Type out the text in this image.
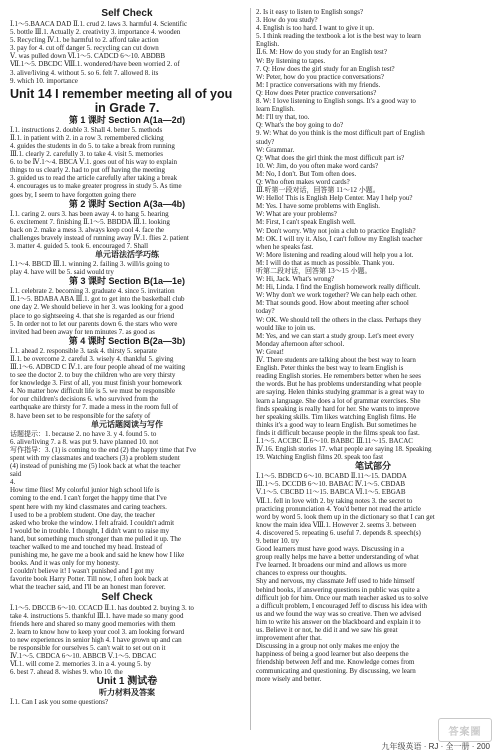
Self Check

Ⅰ.1～5.BAACA DAD Ⅱ.1. crud 2. laws 3. harmful 4. Scientific

5. bottle Ⅲ.1. Actually 2. creativity 3. importance 4. wooden

5. Recycling Ⅳ.1. be harmful to 2. afford take action

3. pay for 4. cut off danger 5. recycling can cut down

Ⅴ. was pulled down Ⅵ.1～5. CADCD 6～10. ABDBB

Ⅶ.1～5. DBCDC Ⅷ.1. wondered/have been worried 2. of

3. alive/living 4. without 5. so 6. felt 7. allowed 8. its

9. which 10. importance

Unit 14 I remember meeting all of you

in Grade 7.

第 1 课时 Section A(1a—2d)

Ⅰ.1. instructions 2. double 3. Shall 4. better 5. methods

Ⅱ.1. in patient with 2. in a row 3. remembered clicking

4. guides the students in do 5. to take a break from running

Ⅲ.1. clearly 2. carefully 3. to take 4. visit 5. memories

6. to be Ⅳ.1～4. BBCA Ⅴ.1. goes out of his way to explain

things to us clearly 2. had to put off having the meeting

3. guided us to read the article carefully after taking a break

4. encourages us to make greater progress in study 5. As time

goes by, I seem to have forgotten going there

第 2 课时 Section A(3a—4b)

Ⅰ.1. caring 2. ours 3. has been away 4. to hang 5. hearing

6. excitement 7. finishing Ⅱ.1～5. BBDDA Ⅲ.1. looking

back on 2. make a mess 3. always keep cool 4. face the

challenges bravely instead of running away Ⅳ.1. flies 2. patient

3. matter 4. guided 5. took 6. encouraged 7. Shall

单元语法活学巧练

Ⅰ.1～4. BBCD Ⅲ.1. winning 2. failing 3. will/is going to

play 4. have will be 5. said would try

第 3 课时 Section B(1a—1e)

Ⅰ.1. celebrate 2. becoming 3. graduate 4. since 5. invitation

Ⅱ.1～5. BDABA ABA Ⅲ.1. got to get into the basketball club

one day 2. We should believe in her 3. was looking for a good

place to go sightseeing 4. that she is regarded as our friend

5. In order not to let our parents down 6. the stars who were

invited had been away for ten minutes 7. as good as

第 4 课时 Section B(2a—3b)

Ⅰ.1. ahead 2. responsible 3. task 4. thirsty 5. separate

Ⅱ.1. be overcome 2. careful 3. wisely 4. thankful 5. giving

Ⅲ.1～6. ADBCD C Ⅳ.1. are four people ahead of me waiting

to see the doctor 2. to buy the children who are very thirsty

for knowledge 3. First of all, you must finish your homework

4. No matter how difficult life is 5. we must be responsible

for our children's decisions 6. who survived from the

earthquake are thirsty for 7. made a mess in the room full of

8. have been set to be responsible for the safety of

单元话题阅读与写作

话题提示：1. because 2. no have 3. y 4. found 5. to

6. alive/living 7. a 8. was put 9. have planned 10. not

写作指导：3. (1) is coming to the end (2) the happy time that I've

spent with my classmates and teachers (3) a problem student

(4) instead of punishing me (5) look back at what the teacher

said

4.

How time flies! My colorful junior high school life is

coming to the end. I can't forget the happy time that I've

spent here with my kind classmates and caring teachers.

I used to be a problem student. One day, the teacher

asked who broke the window. I felt afraid. I couldn't admit

I would be in trouble. I thought, I didn't want to raise my

hand, but something much stronger than me pulled it up. The

teacher walked to me and touched my head. Instead of

punishing me, he gave me a book and said he knew how I like

books. And it was only for my honesty.

I couldn't believe it! I wasn't punished and I got my

favorite book Harry Potter. Till now, I often look back at

what the teacher said, and I'll be an honest man forever.

Self Check

Ⅰ.1～5. DBCCB 6～10. CCACD Ⅱ.1. has doubted 2. buying 3. to

take 4. instructions 5. thankful Ⅲ.1. have made so many good

friends here and shared so many good memories with them

2. learn to know how to keep your cool 3. am looking forward

to new experiences in senior high 4. I have grown up and can

be responsible for ourselves 5. can't wait to set out on it

Ⅳ.1～5. CBDCA 6～10. ABBCB Ⅴ.1～5. DBCAC

Ⅵ.1. will come 2. memories 3. in a 4. young 5. by

6. best 7. ahead 8. wishes 9. who 10. the

Unit 1 测试卷

听力材料及答案

Ⅰ.1. Can I ask you some questions?

2. Is it easy to listen to English songs?

3. How do you study?

4. English is too hard. I want to give it up.

5. I think reading the textbook a lot is the best way to learn

English.

Ⅱ.6. M: How do you study for an English test?

W: By listening to tapes.

7. Q: How does the girl study for an English test?

W: Peter, how do you practice conversations?

M: I practice conversations with my friends.

Q: How does Peter practice conversations?

8. W: I love listening to English songs. It's a good way to

learn English.

M: I'll try that, too.

Q: What's the boy going to do?

9. W: What do you think is the most difficult part of English

study?

W: Grammar.

Q: What does the girl think the most difficult part is?

10. W: Jim, do you often make word cards?

M: No, I don't. But Tom often does.

Q: Who often makes word cards?

Ⅲ.听第一段对话，回答第 11～12 小题。

W: Hello! This is English Help Center. May I help you?

M: Yes. I have some problems with English.

W: What are your problems?

M: First, I can't speak English well.

W: Don't worry. Why not join a club to practice English?

M: OK. I will try it. Also, I can't follow my English teacher

when he speaks fast.

W: More listening and reading aloud will help you a lot.

M: I will do that as much as possible. Thank you.

听第二段对话，回答第 13～15 小题。

W: Hi, Jack. What's wrong?

M: Hi, Linda. I find the English homework really difficult.

W: Why don't we work together? We can help each other.

M: That sounds good. How about meeting after school

today?

W: OK. We should tell the others in the class. Perhaps they

would like to join us.

M: Yes, and we can start a study group. Let's meet every

Monday afternoon after school.

W: Great!

Ⅳ. There students are talking about the best way to learn

English. Peter thinks the best way to learn English is

reading English stories. He remembers better when he sees

the words. But he has problems understanding what people

are saying. Helen thinks studying grammar is a great way to

learn a language. She does a lot of grammar exercises. She

finds speaking is really hard for her. She wants to improve

her speaking skills. Tim likes watching English films. He

thinks it's a good way to learn English. But sometimes he

finds it difficult because people in the films speak too fast.

Ⅰ.1～5. ACCBC Ⅱ.6～10. BABBC Ⅲ.11～15. BACAC

Ⅳ.16. English stories 17. what people are saying 18. Speaking

19. Watching English films 20. speak too fast

笔试部分

Ⅰ.1～5. BDBCD 6～10. BCABD Ⅱ.11～15. DADDA

Ⅲ.1～5. DCCDB 6～10. BABAC Ⅳ.1～5. CBDAB

Ⅴ.1～5. CBCBD 11～15. BABCA Ⅵ.1～5. EBGAB

Ⅶ.1. fell in love with 2. by taking notes 3. the secret to

practicing pronunciation 4. You'd better not read the article

word by word 5. look them up in the dictionary so that I can get

know the main idea Ⅷ.1. However 2. seems 3. between

4. discovered 5. repeating 6. useful 7. depends 8. speech(s)

9. better 10. try

Good learners must have good ways. Discussing in a

group really helps me have a better understanding of what

I've learned. It broadens our mind and allows us more

chances to express our thoughts.

Shy and nervous, my classmate Jeff used to hide himself

behind books, if answering questions in public was quite a

difficult job for him. Once our math teacher asked us to solve

a difficult problem, I encouraged Jeff to discuss his idea with

us and we found the way was so creative. Then we advised

him to write his answer on the blackboard and explain it to

us. Believe it or not, he did it and we saw his great

improvement after that.

Discussing in a group not only makes me enjoy the

happiness of being a good learner but also deepens the

friendship between Jeff and me. Knowledge comes from

communicating and questioning. By discussing, we learn

more wisely and better.

答案圈
九年级英语 · RJ · 全一册 · 200
